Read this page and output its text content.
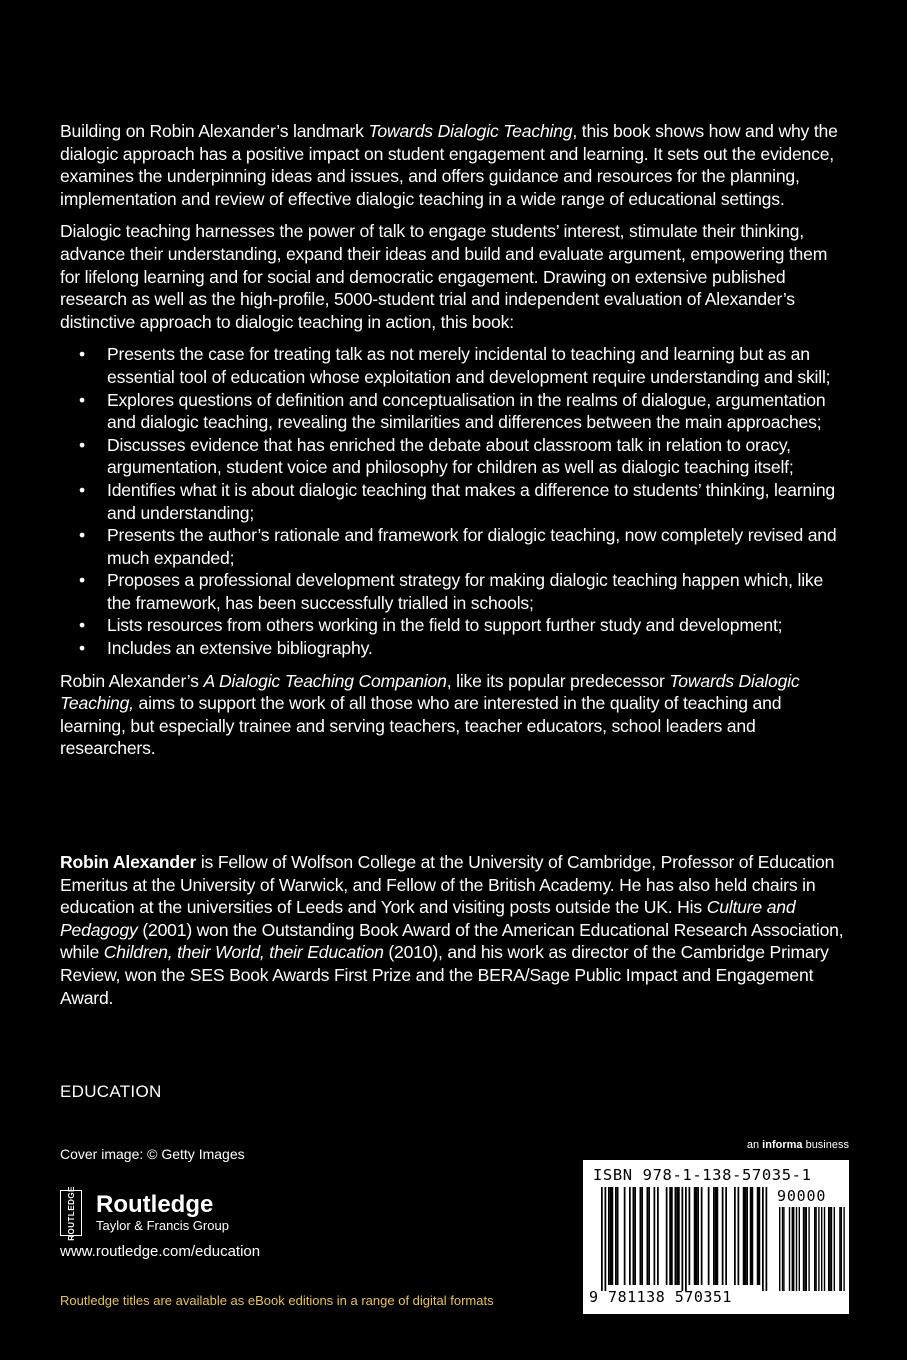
Building on Robin Alexander’s landmark Towards Dialogic Teaching, this book shows how and why the dialogic approach has a positive impact on student engagement and learning. It sets out the evidence, examines the underpinning ideas and issues, and offers guidance and resources for the planning, implementation and review of effective dialogic teaching in a wide range of educational settings.

Dialogic teaching harnesses the power of talk to engage students’ interest, stimulate their thinking, advance their understanding, expand their ideas and build and evaluate argument, empowering them for lifelong learning and for social and democratic engagement. Drawing on extensive published research as well as the high-profile, 5000-student trial and independent evaluation of Alexander’s distinctive approach to dialogic teaching in action, this book:

• Presents the case for treating talk as not merely incidental to teaching and learning but as an essential tool of education whose exploitation and development require understanding and skill;
• Explores questions of definition and conceptualisation in the realms of dialogue, argumentation and dialogic teaching, revealing the similarities and differences between the main approaches;
• Discusses evidence that has enriched the debate about classroom talk in relation to oracy, argumentation, student voice and philosophy for children as well as dialogic teaching itself;
• Identifies what it is about dialogic teaching that makes a difference to students’ thinking, learning and understanding;
• Presents the author’s rationale and framework for dialogic teaching, now completely revised and much expanded;
• Proposes a professional development strategy for making dialogic teaching happen which, like the framework, has been successfully trialled in schools;
• Lists resources from others working in the field to support further study and development;
• Includes an extensive bibliography.

Robin Alexander’s A Dialogic Teaching Companion, like its popular predecessor Towards Dialogic Teaching, aims to support the work of all those who are interested in the quality of teaching and learning, but especially trainee and serving teachers, teacher educators, school leaders and researchers.

Robin Alexander is Fellow of Wolfson College at the University of Cambridge, Professor of Education Emeritus at the University of Warwick, and Fellow of the British Academy. He has also held chairs in education at the universities of Leeds and York and visiting posts outside the UK. His Culture and Pedagogy (2001) won the Outstanding Book Award of the American Educational Research Association, while Children, their World, their Education (2010), and his work as director of the Cambridge Primary Review, won the SES Book Awards First Prize and the BERA/Sage Public Impact and Engagement Award.

EDUCATION
Cover image: © Getty Images
ROUTLEDGE Routledge
Taylor & Francis Group
www.routledge.com/education
Routledge titles are available as eBook editions in a range of digital formats
an informa business
ISBN 978-1-138-57035-1
9 781138 570351
90000
